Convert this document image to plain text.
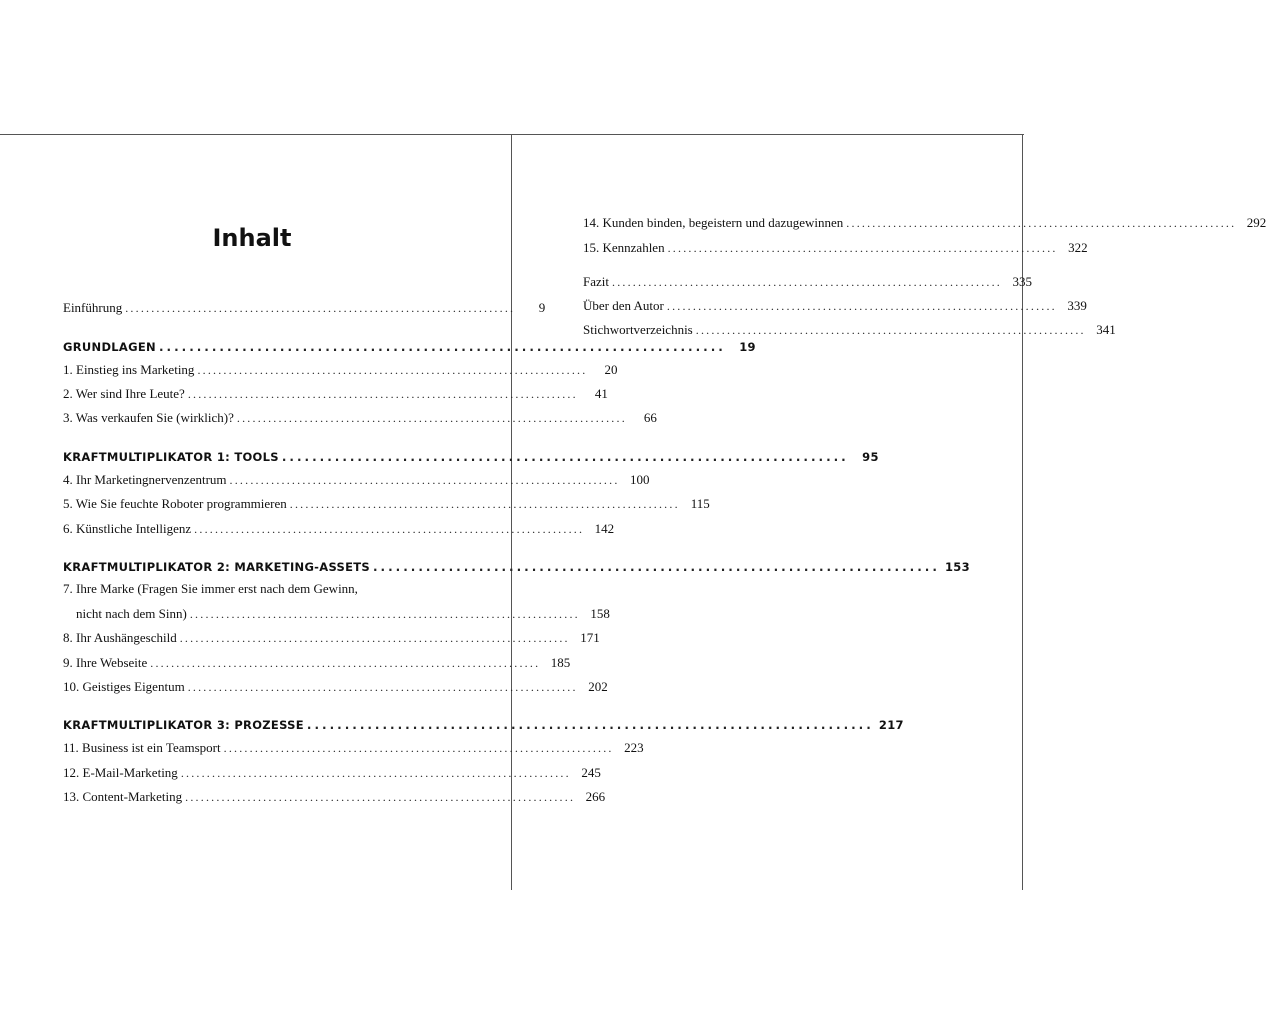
Inhalt
Einführung ...........................................................................	9
GRUNDLAGEN ...........................................................................	19
1. Einstieg ins Marketing ...........................................................................	20
2. Wer sind Ihre Leute? ...........................................................................	41
3. Was verkaufen Sie (wirklich)? ...........................................................................	66
KRAFTMULTIPLIKATOR 1: TOOLS ...........................................................................	95
4. Ihr Marketingnervenzentrum ........................................................................... 100
5. Wie Sie feuchte Roboter programmieren ........................................................................... 115
6. Künstliche Intelligenz ........................................................................... 142
KRAFTMULTIPLIKATOR 2: MARKETING-ASSETS ........................................................................... 153
7. Ihre Marke (Fragen Sie immer erst nach dem Gewinn,
nicht nach dem Sinn) ........................................................................... 158
8. Ihr Aushängeschild ........................................................................... 171
9. Ihre Webseite ........................................................................... 185
10. Geistiges Eigentum ........................................................................... 202
KRAFTMULTIPLIKATOR 3: PROZESSE ........................................................................... 217
11. Business ist ein Teamsport ........................................................................... 223
12. E-Mail-Marketing ........................................................................... 245
13. Content-Marketing ........................................................................... 266
14. Kunden binden, begeistern und dazugewinnen ........................................................................... 292
15. Kennzahlen ........................................................................... 322
Fazit ........................................................................... 335
Über den Autor ........................................................................... 339
Stichwortverzeichnis ........................................................................... 341
